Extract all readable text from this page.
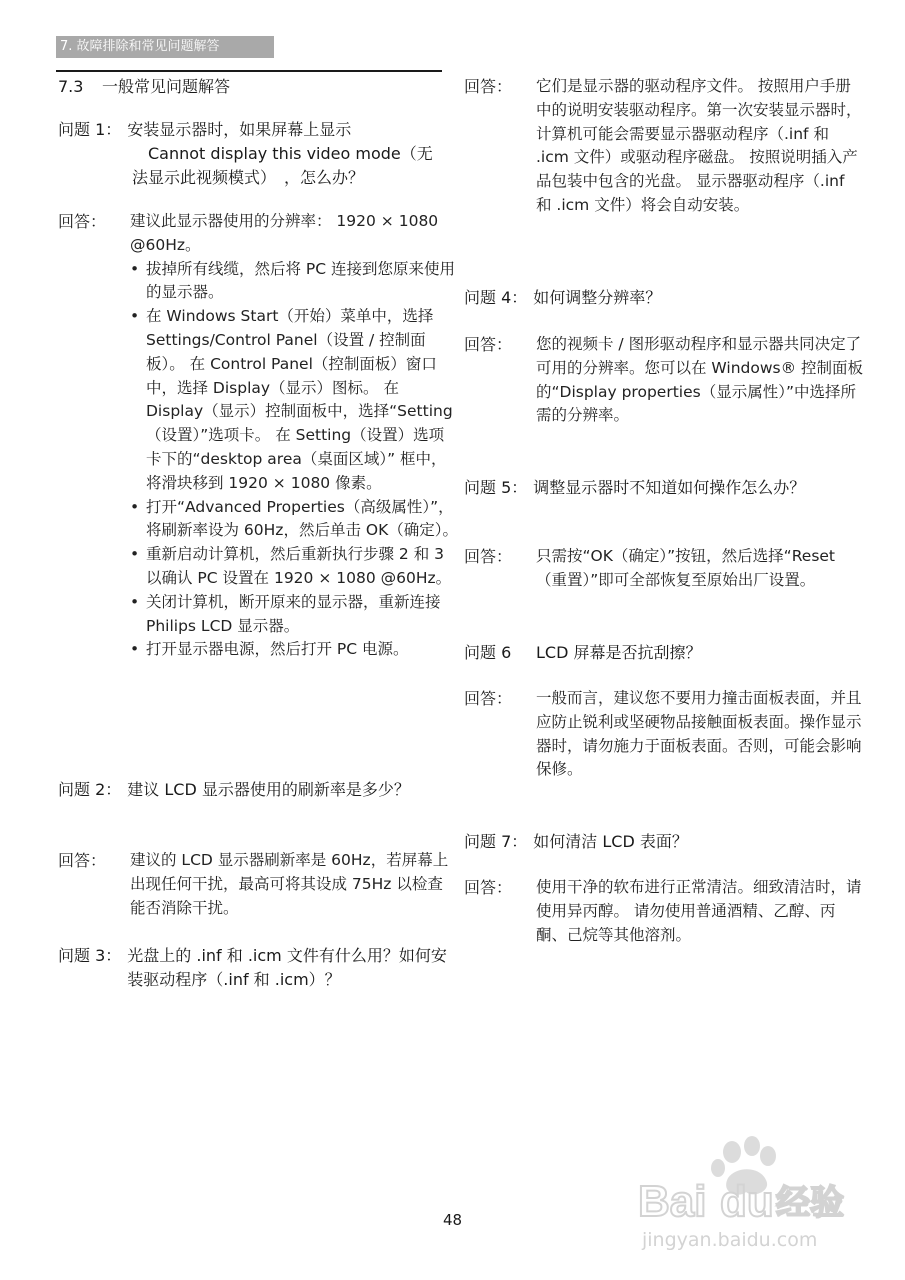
7. 故障排除和常见问题解答
7.3 一般常见问题解答
问题 1： 安装显示器时，如果屏幕上显示
Cannot display this video mode（无
法显示此视频模式）　，怎么办？
回答：	建议此显示器使用的分辨率： 1920 × 1080 @60Hz。
• 拔掉所有线缆，然后将 PC 连接到您原来使用的显示器。
• 在 Windows Start（开始）菜单中，选择 Settings/Control Panel（设置 / 控制面板）。 在 Control Panel（控制面板）窗口中，选择 Display（显示）图标。 在 Display（显示）控制面板中，选择“Setting（设置）”选项卡。 在 Setting（设置）选项卡下的“desktop area（桌面区域）” 框中，将滑块移到 1920 × 1080 像素。
• 打开“Advanced Properties（高级属性）”，将刷新率设为 60Hz，然后单击 OK（确定）。
• 重新启动计算机，然后重新执行步骤 2 和 3 以确认 PC 设置在 1920 × 1080 @60Hz。
• 关闭计算机，断开原来的显示器，重新连接 Philips LCD 显示器。
• 打开显示器电源，然后打开 PC 电源。
问题 2： 建议 LCD 显示器使用的刷新率是多少？
回答：	建议的 LCD 显示器刷新率是 60Hz，若屏幕上出现任何干扰，最高可将其设成 75Hz 以检查能否消除干扰。
问题 3： 光盘上的 .inf 和 .icm 文件有什么用？如何安装驱动程序（.inf 和 .icm）？
回答：	它们是显示器的驱动程序文件。 按照用户手册中的说明安装驱动程序。第一次安装显示器时，计算机可能会需要显示器驱动程序（.inf 和 .icm 文件）或驱动程序磁盘。 按照说明插入产品包装中包含的光盘。 显示器驱动程序（.inf 和 .icm 文件）将会自动安装。
问题 4： 如何调整分辨率？
回答：	您的视频卡 / 图形驱动程序和显示器共同决定了可用的分辨率。您可以在 Windows® 控制面板的“Display properties（显示属性）”中选择所需的分辨率。
问题 5： 调整显示器时不知道如何操作怎么办？
回答：	只需按“OK（确定）”按钮，然后选择“Reset（重置）”即可全部恢复至原始出厂设置。
问题 6	LCD 屏幕是否抗刮擦？
回答：	一般而言，建议您不要用力撞击面板表面，并且应防止锐利或坚硬物品接触面板表面。操作显示器时，请勿施力于面板表面。否则，可能会影响保修。
问题 7： 如何清洁 LCD 表面？
回答：	使用干净的软布进行正常清洁。细致清洁时，请使用异丙醇。 请勿使用普通酒精、乙醇、丙酮、己烷等其他溶剂。
48	Bai du 经验
jingyan.baidu.com
